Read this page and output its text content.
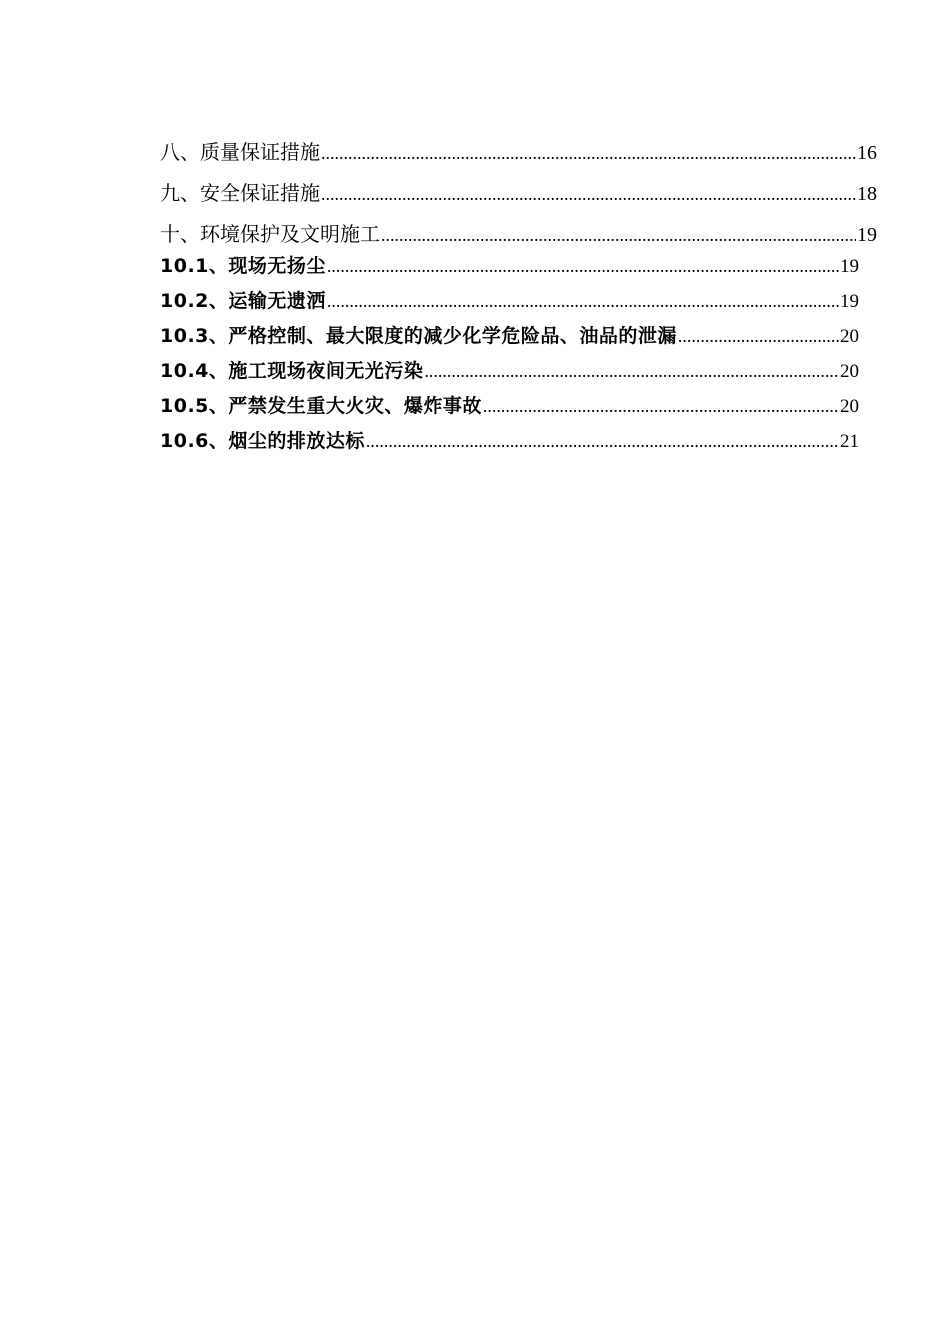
八、质量保证措施 .....	16
九、安全保证措施 .....	18
十、环境保护及文明施工 .....	19
10.1、现场无扬尘 .....	19
10.2、运输无遗洒 .....	19
10.3、严格控制、最大限度的减少化学危险品、油品的泄漏 .....	20
10.4、施工现场夜间无光污染 .....	20
10.5、严禁发生重大火灾、爆炸事故 .....	20
10.6、烟尘的排放达标 .....	21
